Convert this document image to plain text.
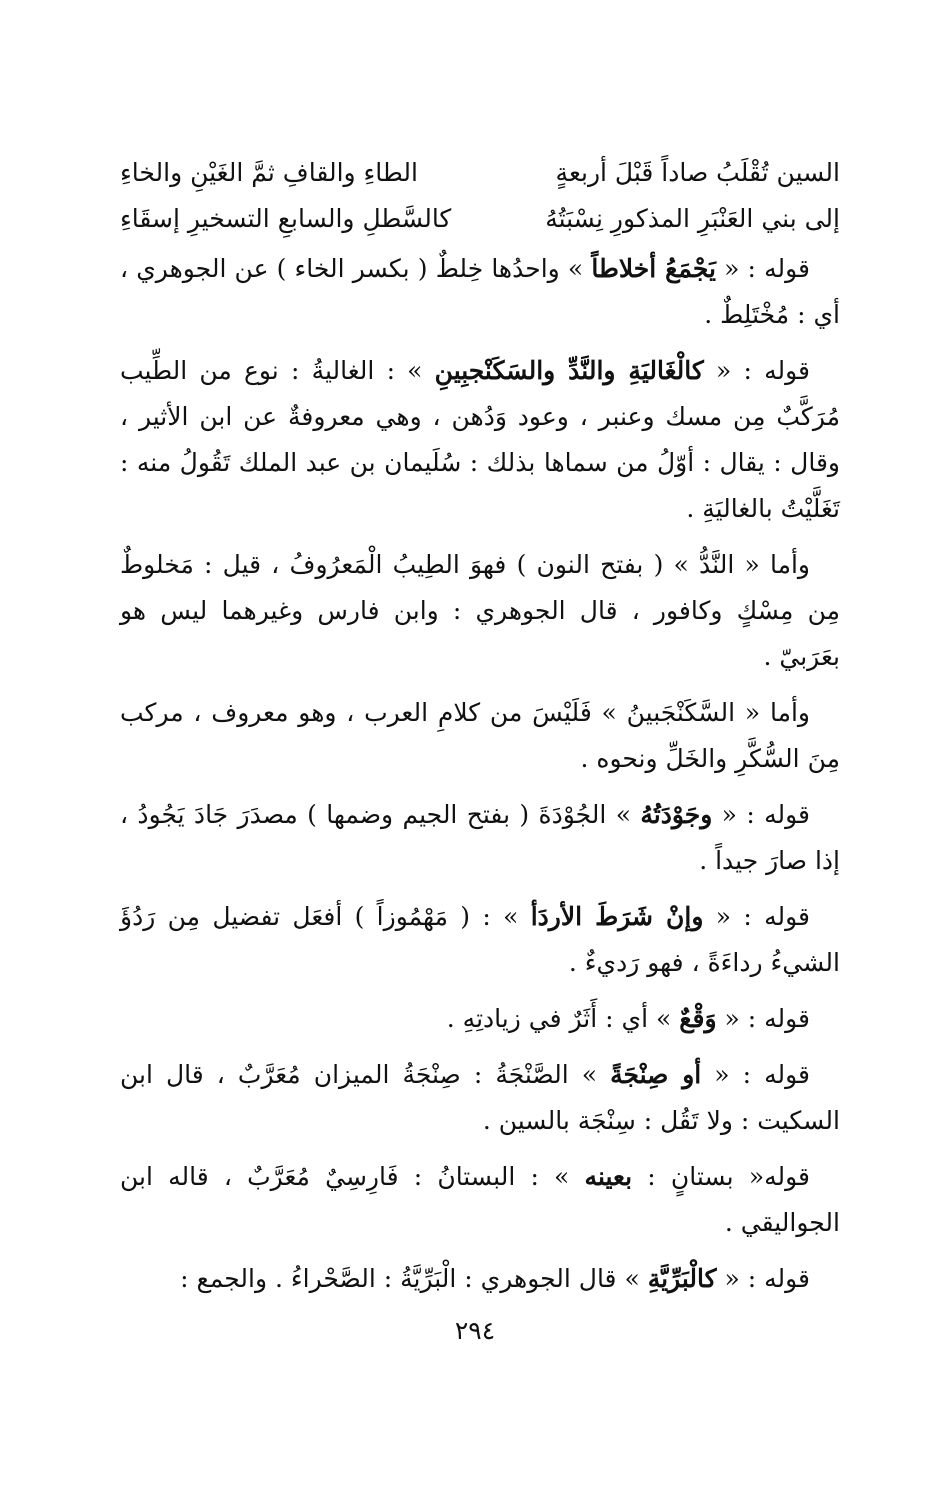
السين تُقْلَبُ صاداً قَبْلَ أربعةٍ
الطاءِ والقافِ ثمَّ الغَيْنِ والخاءِ
إلى بني العَنْبَرِ المذكورِ نِسْبَتُهُ
كالسَّطلِ والسابعِ التسخيرِ إسقَاءِ

قوله : « يَجْمَعُ أخلاطاً » واحدُها خِلطٌ ( بكسر الخاء ) عن الجوهري ، أي : مُخْتَلِطٌ .

قوله : « كالْغَاليَةِ والنَّدِّ والسَكَنْجبِينِ » : الغاليةُ : نوع من الطِّيب مُرَكَّبٌ مِن مسك وعنبر ، وعود وَدُهن ، وهي معروفةٌ عن ابن الأثير ، وقال : يقال : أوّلُ من سماها بذلك : سُلَيمان بن عبد الملك تَقُولُ منه : تَغَلَّيْتُ بالغاليَةِ .

وأما « النَّدُّ » ( بفتح النون ) فهوَ الطِيبُ الْمَعرُوفُ ، قيل : مَخلوطٌ مِن مِسْكٍ وكافور ، قال الجوهري : وابن فارس وغيرهما ليس هو بعَرَبيّ .

وأما « السَّكَنْجَبينُ » فَلَيْسَ من كلامِ العرب ، وهو معروف ، مركب مِنَ السُّكَّرِ والخَلِّ ونحوه .

قوله : « وجَوْدَتُهُ » الجُوْدَةَ ( بفتح الجيم وضمها ) مصدَرَ جَادَ يَجُودُ ، إذا صارَ جيداً .

قوله : « وإنْ شَرَطَ الأردَأ » : ( مَهْمُوزاً ) أفعَل تفضيل مِن رَدُؤَ الشيءُ رداءَةً ، فهو رَديءٌ .

قوله : « وَقْعٌ » أي : أَثَرٌ في زيادتِهِ .

قوله : « أو صِنْجَةً » الصَّنْجَةُ : صِنْجَةُ الميزان مُعَرَّبٌ ، قال ابن السكيت : ولا تَقُل : سِنْجَة بالسين .

قوله« بستانٍ : بعينه » : البستانُ : فَارِسِيٌ مُعَرَّبٌ ، قاله ابن الجواليقي .

قوله : « كالْبَرِّيَّةِ » قال الجوهري : الْبَرِّيَّةُ : الصَّحْراءُ . والجمع :

٢٩٤
